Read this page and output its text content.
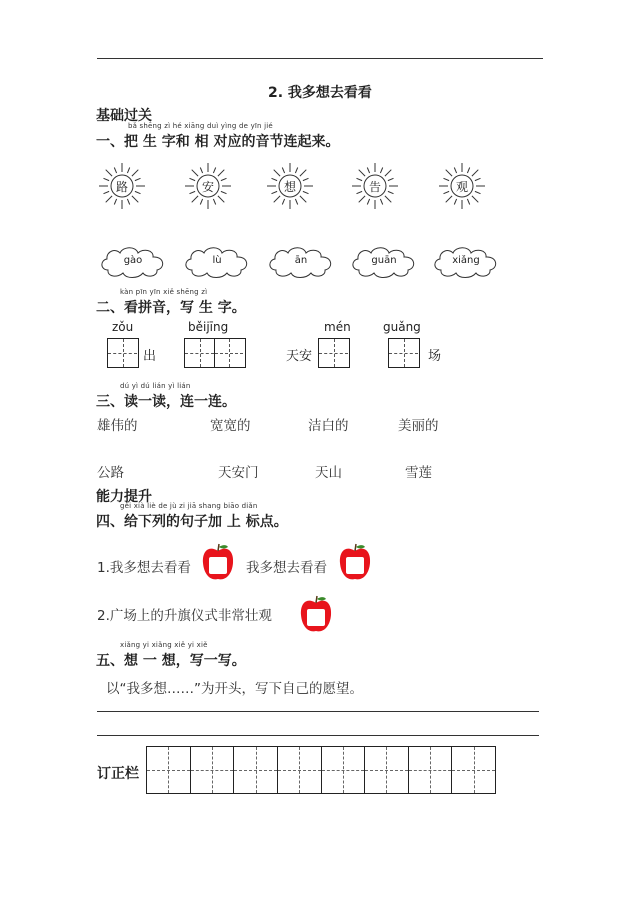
2. 我多想去看看
基础过关
bǎ shēng zì hé xiāng duì yìng de yīn jié
一、把 生 字和 相 对应的音节连起来。
路	安	想	告	观
gào	lù	ān	guān	xiǎng
kàn pīn yīn xiě shēng zì
二、看拼音，写 生 字。
zǒu
出
běijīng	mén
天安
guǎng
场
dú yì dú lián yì lián
三、读一读，连一连。
雄伟的	宽宽的	洁白的	美丽的
公路	天安门	天山	雪莲
能力提升
gěi xià liè de jù zi jiā shang biāo diǎn
四、给下列的句子加 上 标点。
1.我多想去看看	我多想去看看
2.广场上的升旗仪式非常壮观
xiǎng yi xiǎng xiě yi xiě
五、想 一 想，写一写。
以“我多想……”为开头，写下自己的愿望。
订正栏
